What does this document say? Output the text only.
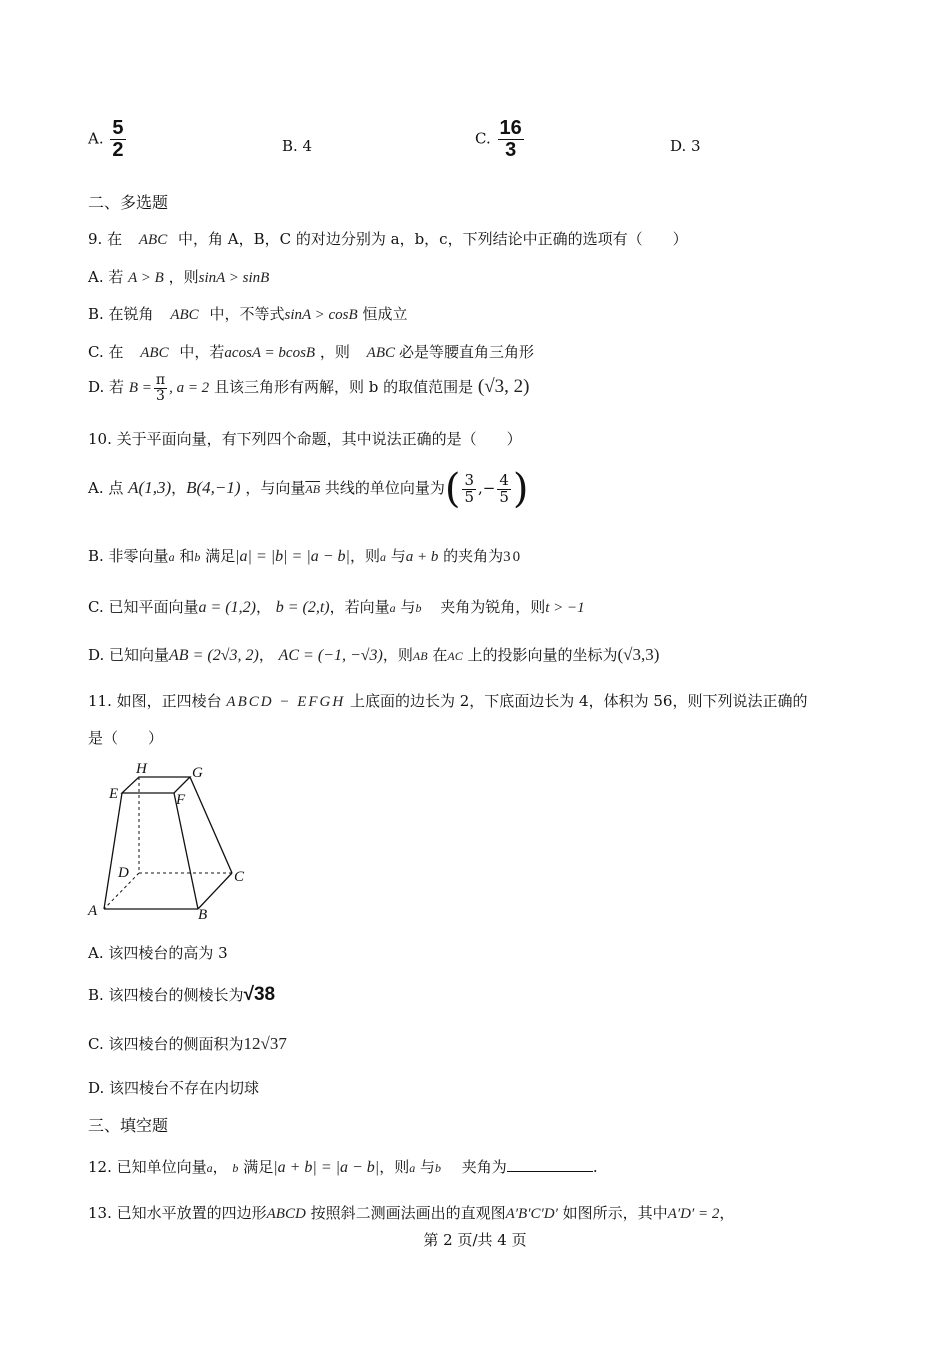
A. $\frac{5}{2}$	B. 4	C. $\frac{16}{3}$	D. 3
二、多选题
9. 在 ABC 中，角 A，B，C 的对边分别为 a，b，c，下列结论中正确的选项有（　　）
A. 若 A > B ，则sinA > sinB
B. 在锐角 ABC 中，不等式sinA > cosB 恒成立
C. 在 ABC 中，若acosA = bcosB ，则 ABC 必是等腰直角三角形
D. 若 $B = \frac{\pi}{3}$ , a = 2 且该三角形有两解，则 b 的取值范围是 (√3, 2)
10. 关于平面向量，有下列四个命题，其中说法正确的是（　　）
A. 点 A(1,3)，B(4,−1) ，与向量$\overline{AB}$ 共线的单位向量为( $\frac{3}{5}$ ,− $\frac{4}{5}$ )
B. 非零向量a 和b 满足|a| = |b| = |a − b|，则a 与a + b 的夹角为30
C. 已知平面向量a = (1,2)， b = (2,t)，若向量a 与b 夹角为锐角，则t > −1
D. 已知向量AB = (2√3, 2)， AC = (−1, −√3)，则AB 在AC 上的投影向量的坐标为(√3,3)
11. 如图，正四棱台 ABCD − EFGH 上底面的边长为 2，下底面边长为 4，体积为 56，则下列说法正确的
是（　　）
H	G
E	F
D	C
A	B
A. 该四棱台的高为 3
B. 该四棱台的侧棱长为√38
C. 该四棱台的侧面积为12√37
D. 该四棱台不存在内切球
三、填空题
12. 已知单位向量a， b 满足|a + b| = |a − b|，则a 与b 夹角为	.
13. 已知水平放置的四边形ABCD 按照斜二测画法画出的直观图A′B′C′D′ 如图所示，其中A′D′ = 2，
第 2 页/共 4 页
